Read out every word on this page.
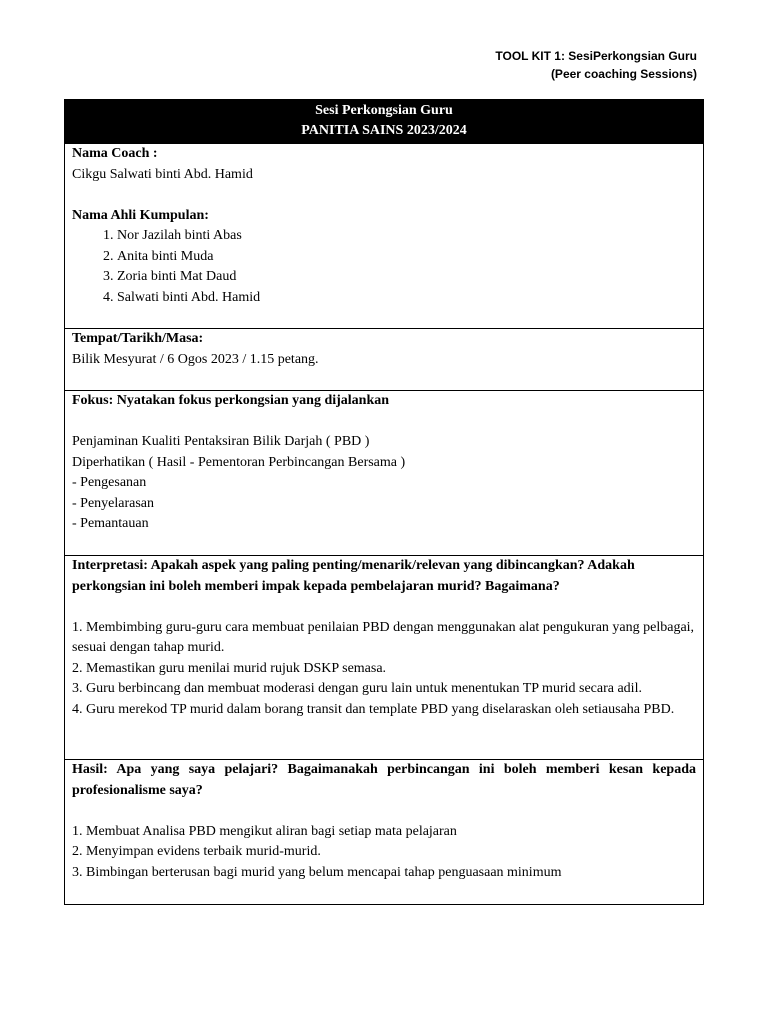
TOOL KIT 1: SesiPerkongsian Guru
(Peer coaching Sessions)
Sesi Perkongsian Guru
PANITIA SAINS 2023/2024

Nama Coach :

Cikgu Salwati binti Abd. Hamid

Nama Ahli Kumpulan:

1. Nor Jazilah binti Abas
2. Anita binti Muda
3. Zoria binti Mat Daud
4. Salwati binti Abd. Hamid

Tempat/Tarikh/Masa:

Bilik Mesyurat / 6 Ogos 2023 / 1.15 petang.

Fokus: Nyatakan fokus perkongsian yang dijalankan

Penjaminan Kualiti Pentaksiran Bilik Darjah ( PBD )

Diperhatikan ( Hasil - Pementoran Perbincangan Bersama )

- Pengesanan

- Penyelarasan

- Pemantauan

Interpretasi: Apakah aspek yang paling penting/menarik/relevan yang dibincangkan? Adakah perkongsian ini boleh memberi impak kepada pembelajaran murid? Bagaimana?

1. Membimbing guru-guru cara membuat penilaian PBD dengan menggunakan alat pengukuran yang pelbagai, sesuai dengan tahap murid.

2. Memastikan guru menilai murid rujuk DSKP semasa.

3. Guru berbincang dan membuat moderasi dengan guru lain untuk menentukan TP murid secara adil.

4. Guru merekod TP murid dalam borang transit dan template PBD yang diselaraskan oleh setiausaha PBD.

Hasil: Apa yang saya pelajari? Bagaimanakah perbincangan ini boleh memberi kesan kepada profesionalisme saya?

1. Membuat Analisa PBD mengikut aliran bagi setiap mata pelajaran

2. Menyimpan evidens terbaik murid-murid.

3. Bimbingan berterusan bagi murid yang belum mencapai tahap penguasaan minimum
